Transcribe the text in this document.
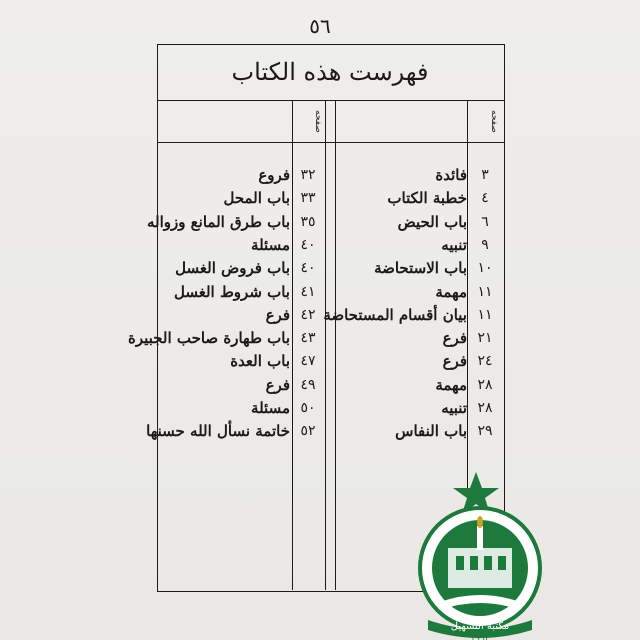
٥٦
فهرست هذه الكتاب
صفحه
صفحه
فائدة	٣
خطبة الكتاب	٤
باب الحيض	٦
تنبيه	٩
باب الاستحاضة ١٠
مهمة ١١
بيان أقسام المستحاضة ١١
فرع ٢١
فرع ٢٤
مهمة ٢٨
تنبيه ٢٨
باب النفاس ٢٩
فروع ٣٢
باب المحل ٣٣
باب طرق المانع وزواله ٣٥
مسئلة ٤٠
باب فروض الغسل ٤٠
باب شروط الغسل ٤١
فرع ٤٢
باب طهارة صاحب الجبيرة ٤٣
باب العدة ٤٧
فرع ٤٩
مسئلة ٥٠
خاتمة نسأل الله حسنها ٥٢
مكتبة التسهيل
١٩٦٣
